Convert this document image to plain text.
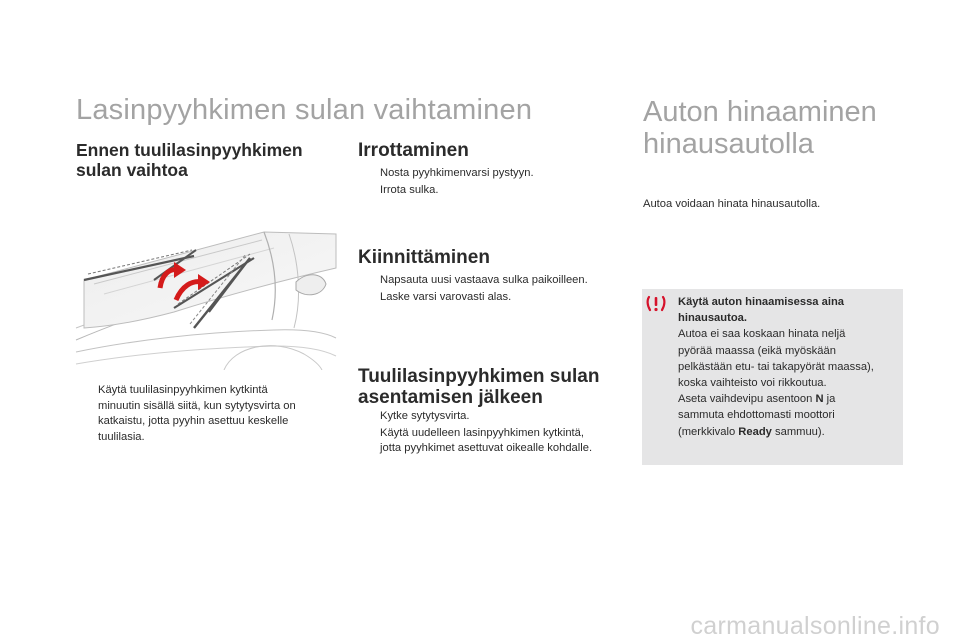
Lasinpyyhkimen sulan vaihtaminen
Ennen tuulilasinpyyhkimen
sulan vaihtoa
Käytä tuulilasinpyyhkimen kytkintä
minuutin sisällä siitä, kun sytytysvirta on
katkaistu, jotta pyyhin asettuu keskelle
tuulilasia.
Irrottaminen
Nosta pyyhkimenvarsi pystyyn.
Irrota sulka.
Kiinnittäminen
Napsauta uusi vastaava sulka paikoilleen.
Laske varsi varovasti alas.
Tuulilasinpyyhkimen sulan
asentamisen jälkeen
Kytke sytytysvirta.
Käytä uudelleen lasinpyyhkimen kytkintä,
jotta pyyhkimet asettuvat oikealle kohdalle.
Auton hinaaminen
hinausautolla
Autoa voidaan hinata hinausautolla.
Käytä auton hinaamisessa aina
hinausautoa.
Autoa ei saa koskaan hinata neljä
pyörää maassa (eikä myöskään
pelkästään etu- tai takapyörät maassa),
koska vaihteisto voi rikkoutua.
Aseta vaihdevipu asentoon N ja
sammuta ehdottomasti moottori
(merkkivalo Ready sammuu).
carmanualsonline.info
